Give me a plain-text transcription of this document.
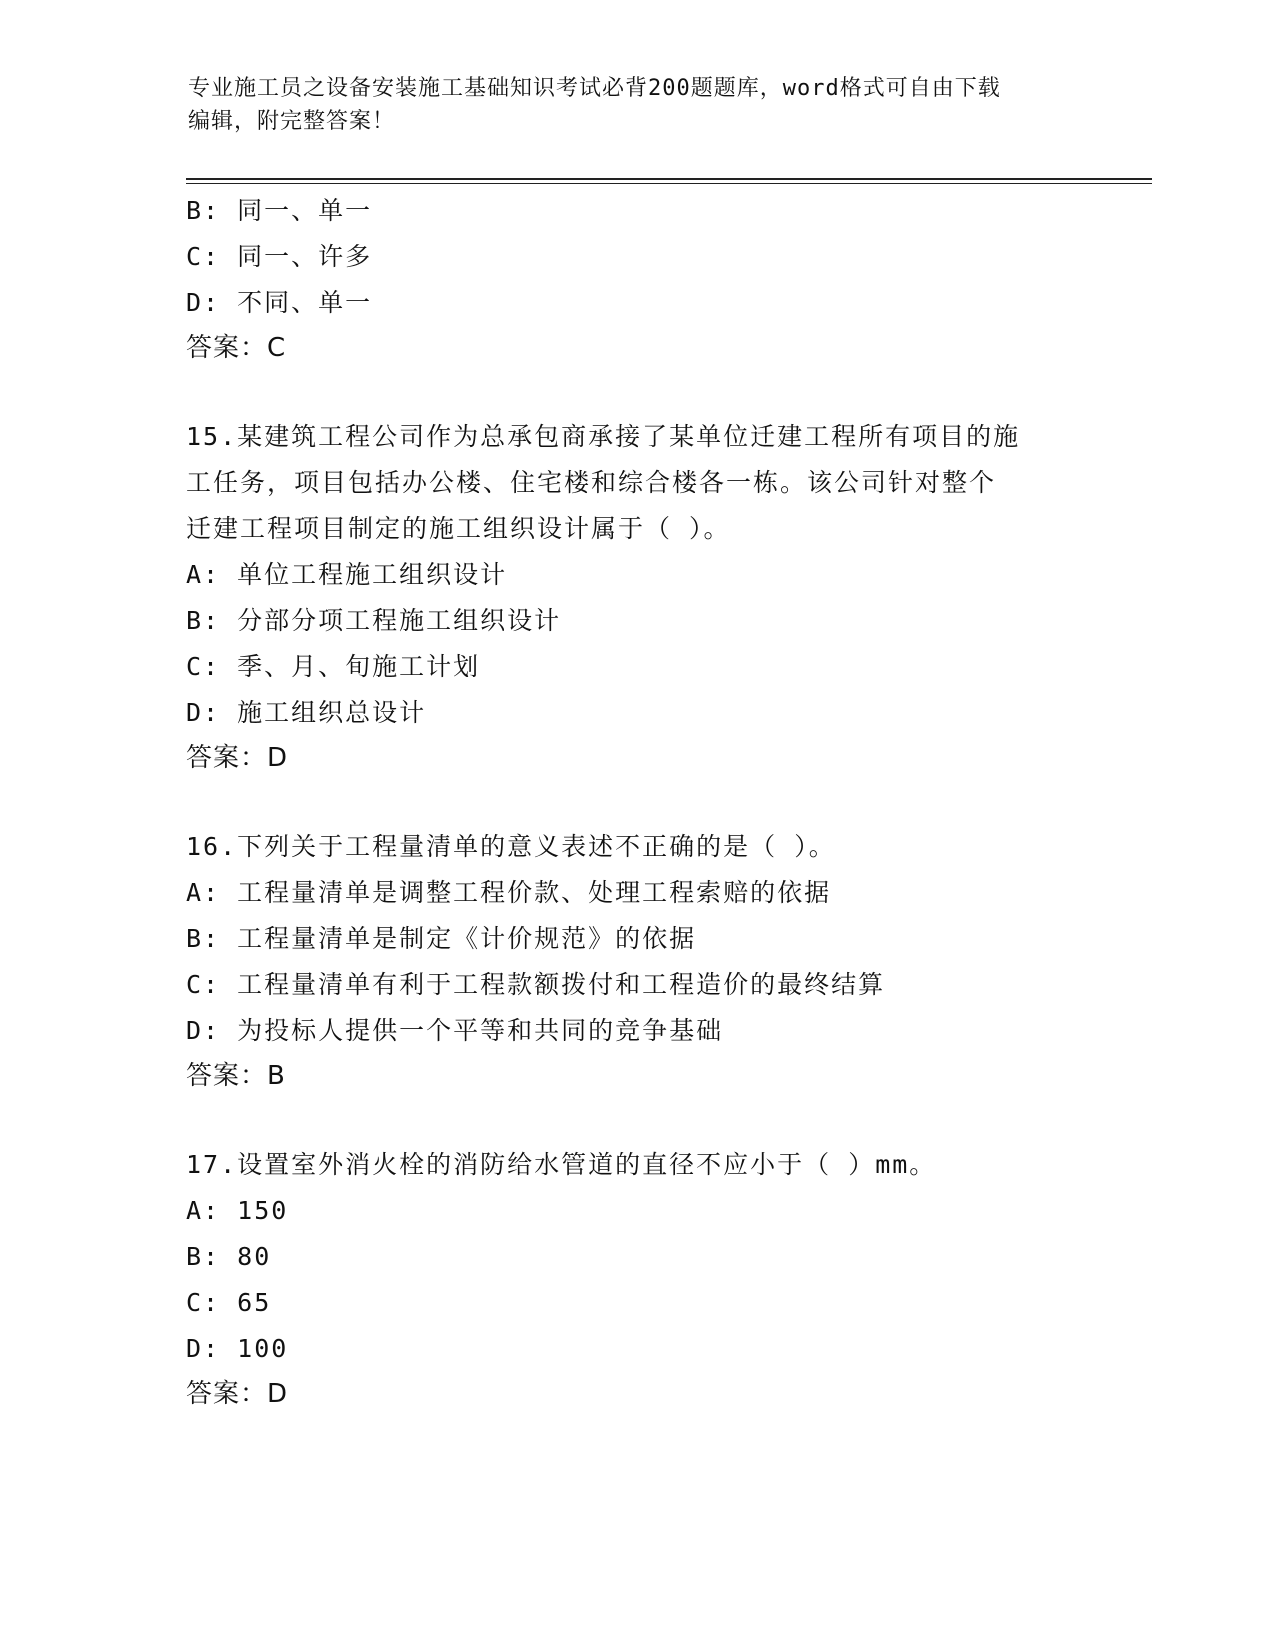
专业施工员之设备安装施工基础知识考试必背200题题库，word格式可自由下载
编辑，附完整答案！
B: 同一、单一
C: 同一、许多
D: 不同、单一
答案：C
15.某建筑工程公司作为总承包商承接了某单位迁建工程所有项目的施
工任务，项目包括办公楼、住宅楼和综合楼各一栋。该公司针对整个
迁建工程项目制定的施工组织设计属于（ ）。
A: 单位工程施工组织设计
B: 分部分项工程施工组织设计
C: 季、月、旬施工计划
D: 施工组织总设计
答案：D
16.下列关于工程量清单的意义表述不正确的是（ ）。
A: 工程量清单是调整工程价款、处理工程索赔的依据
B: 工程量清单是制定《计价规范》的依据
C: 工程量清单有利于工程款额拨付和工程造价的最终结算
D: 为投标人提供一个平等和共同的竞争基础
答案：B
17.设置室外消火栓的消防给水管道的直径不应小于（ ）mm。
A: 150
B: 80
C: 65
D: 100
答案：D
